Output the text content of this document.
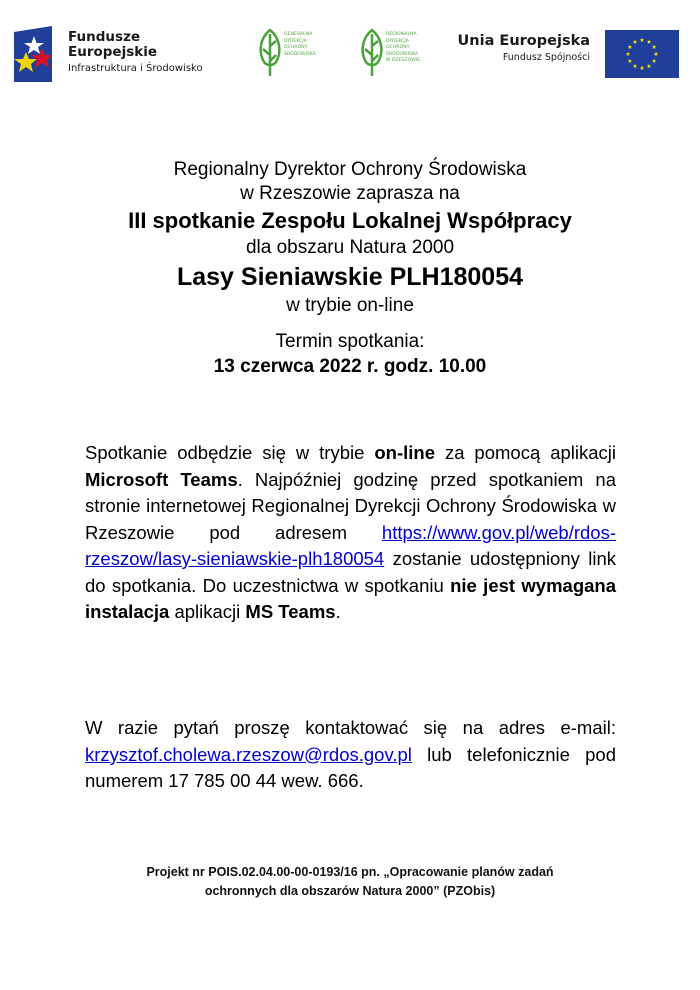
Fundusze
Europejskie
Infrastruktura i Środowisko
GENERALNA
DYREKCJA
OCHRONY
ŚRODOWISKA
REGIONALNA
DYREKCJA
OCHRONY
ŚRODOWISKA
W RZESZOWIE
Unia Europejska
Fundusz Spójności
Regionalny Dyrektor Ochrony Środowiska
w Rzeszowie zaprasza na
III spotkanie Zespołu Lokalnej Współpracy
dla obszaru Natura 2000
Lasy Sieniawskie PLH180054
w trybie on-line
Termin spotkania:
13 czerwca 2022 r. godz. 10.00
Spotkanie odbędzie się w trybie on-line za pomocą aplikacji Microsoft Teams. Najpóźniej godzinę przed spotkaniem na stronie internetowej Regionalnej Dyrekcji Ochrony Środowiska w Rzeszowie pod adresem https://www.gov.pl/web/rdos-rzeszow/lasy-sieniawskie-plh180054 zostanie udostępniony link do spotkania. Do uczestnictwa w spotkaniu nie jest wymagana instalacja aplikacji MS Teams.
W razie pytań proszę kontaktować się na adres e-mail: krzysztof.cholewa.rzeszow@rdos.gov.pl lub telefonicznie pod numerem 17 785 00 44 wew. 666.
Projekt nr POIS.02.04.00-00-0193/16 pn. „Opracowanie planów zadań
ochronnych dla obszarów Natura 2000” (PZObis)
